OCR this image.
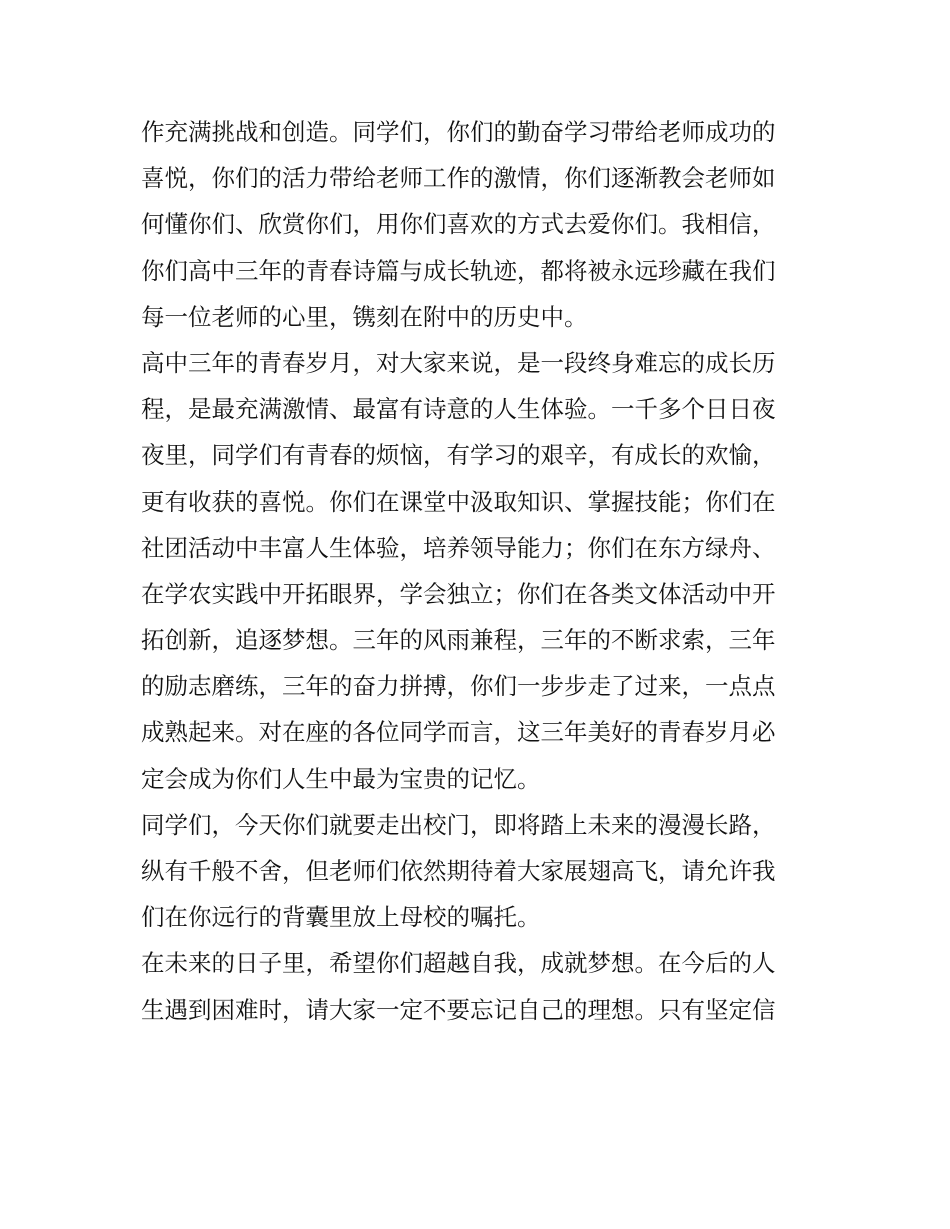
作充满挑战和创造。同学们，你们的勤奋学习带给老师成功的
喜悦，你们的活力带给老师工作的激情，你们逐渐教会老师如
何懂你们、欣赏你们，用你们喜欢的方式去爱你们。我相信，
你们高中三年的青春诗篇与成长轨迹，都将被永远珍藏在我们
每一位老师的心里，镌刻在附中的历史中。
高中三年的青春岁月，对大家来说，是一段终身难忘的成长历
程，是最充满激情、最富有诗意的人生体验。一千多个日日夜
夜里，同学们有青春的烦恼，有学习的艰辛，有成长的欢愉，
更有收获的喜悦。你们在课堂中汲取知识、掌握技能；你们在
社团活动中丰富人生体验，培养领导能力；你们在东方绿舟、
在学农实践中开拓眼界，学会独立；你们在各类文体活动中开
拓创新，追逐梦想。三年的风雨兼程，三年的不断求索，三年
的励志磨练，三年的奋力拼搏，你们一步步走了过来，一点点
成熟起来。对在座的各位同学而言，这三年美好的青春岁月必
定会成为你们人生中最为宝贵的记忆。
同学们，今天你们就要走出校门，即将踏上未来的漫漫长路，
纵有千般不舍，但老师们依然期待着大家展翅高飞，请允许我
们在你远行的背囊里放上母校的嘱托。
在未来的日子里，希望你们超越自我，成就梦想。在今后的人
生遇到困难时，请大家一定不要忘记自己的理想。只有坚定信
